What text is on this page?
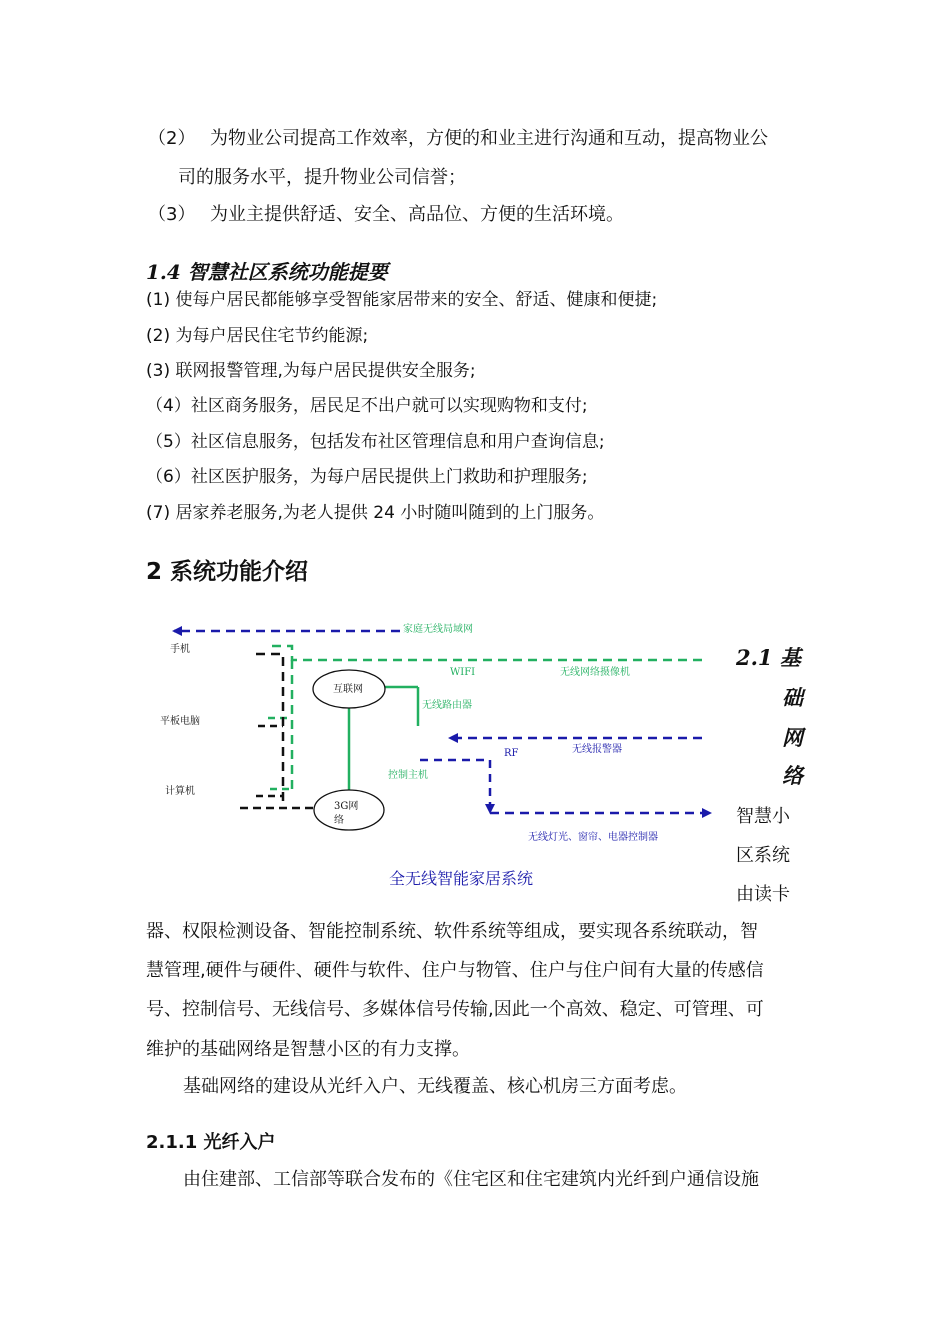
（2） 为物业公司提高工作效率，方便的和业主进行沟通和互动，提高物业公
司的服务水平，提升物业公司信誉；
（3） 为业主提供舒适、安全、高品位、方便的生活环境。
1.4 智慧社区系统功能提要
(1) 使每户居民都能够享受智能家居带来的安全、舒适、健康和便捷;
(2) 为每户居民住宅节约能源;
(3) 联网报警管理,为每户居民提供安全服务;
（4）社区商务服务，居民足不出户就可以实现购物和支付;
（5）社区信息服务，包括发布社区管理信息和用户查询信息;
（6）社区医护服务，为每户居民提供上门救助和护理服务;
(7) 居家养老服务,为老人提供 24 小时随叫随到的上门服务。
2 系统功能介绍
手机
平板电脑
计算机
家庭无线局域网
WIFI	无线网络摄像机
互联网
无线路由器
RF	无线报警器
控制主机
3G网
络
无线灯光、窗帘、电器控制器
全无线智能家居系统
2.1 基
础
网
络
智慧小
区系统
由读卡
器、权限检测设备、智能控制系统、软件系统等组成，要实现各系统联动，智
慧管理,硬件与硬件、硬件与软件、住户与物管、住户与住户间有大量的传感信
号、控制信号、无线信号、多媒体信号传输,因此一个高效、稳定、可管理、可
维护的基础网络是智慧小区的有力支撑。
基础网络的建设从光纤入户、无线覆盖、核心机房三方面考虑。
2.1.1 光纤入户
由住建部、工信部等联合发布的《住宅区和住宅建筑内光纤到户通信设施
